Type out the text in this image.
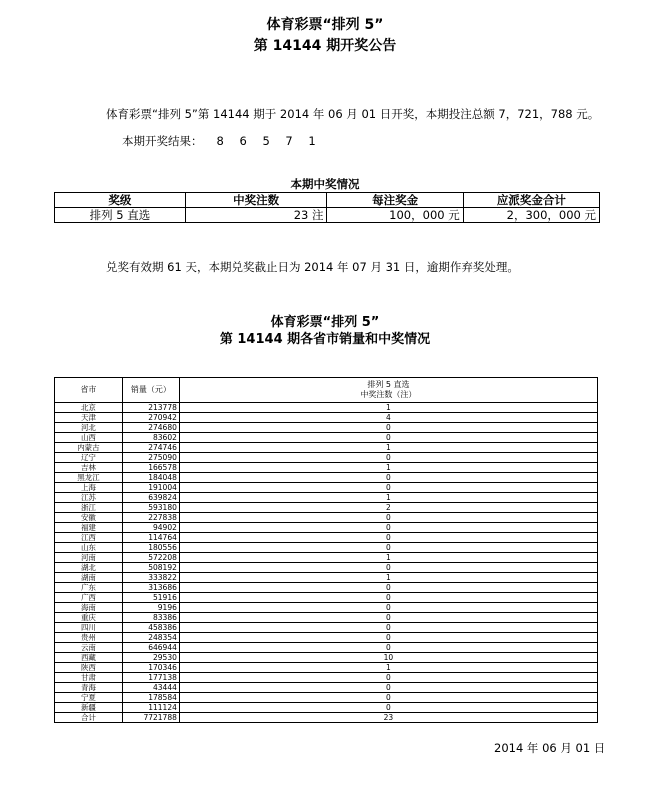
体育彩票“排列 5”
第 14144 期开奖公告
体育彩票“排列 5”第 14144 期于 2014 年 06 月 01 日开奖，本期投注总额 7，721，788 元。
本期开奖结果： 8 6 5 7 1
本期中奖情况
奖级	中奖注数	每注奖金	应派奖金合计
排列 5 直选	23 注	100，000 元	2，300，000 元
兑奖有效期 61 天，本期兑奖截止日为 2014 年 07 月 31 日，逾期作弃奖处理。
体育彩票“排列 5”
第 14144 期各省市销量和中奖情况
省市	销量（元）	排列 5 直选
中奖注数（注）

北京	213778	1
天津	270942	4
河北	274680	0
山西	83602	0
内蒙古	274746	1
辽宁	275090	0
吉林	166578	1
黑龙江	184048	0
上海	191004	0
江苏	639824	1
浙江	593180	2
安徽	227838	0
福建	94902	0
江西	114764	0
山东	180556	0
河南	572208	1
湖北	508192	0
湖南	333822	1
广东	313686	0
广西	51916	0
海南	9196	0
重庆	83386	0
四川	458386	0
贵州	248354	0
云南	646944	0
西藏	29530	10
陕西	170346	1
甘肃	177138	0
青海	43444	0
宁夏	178584	0
新疆	111124	0
合计	7721788	23
2014 年 06 月 01 日
